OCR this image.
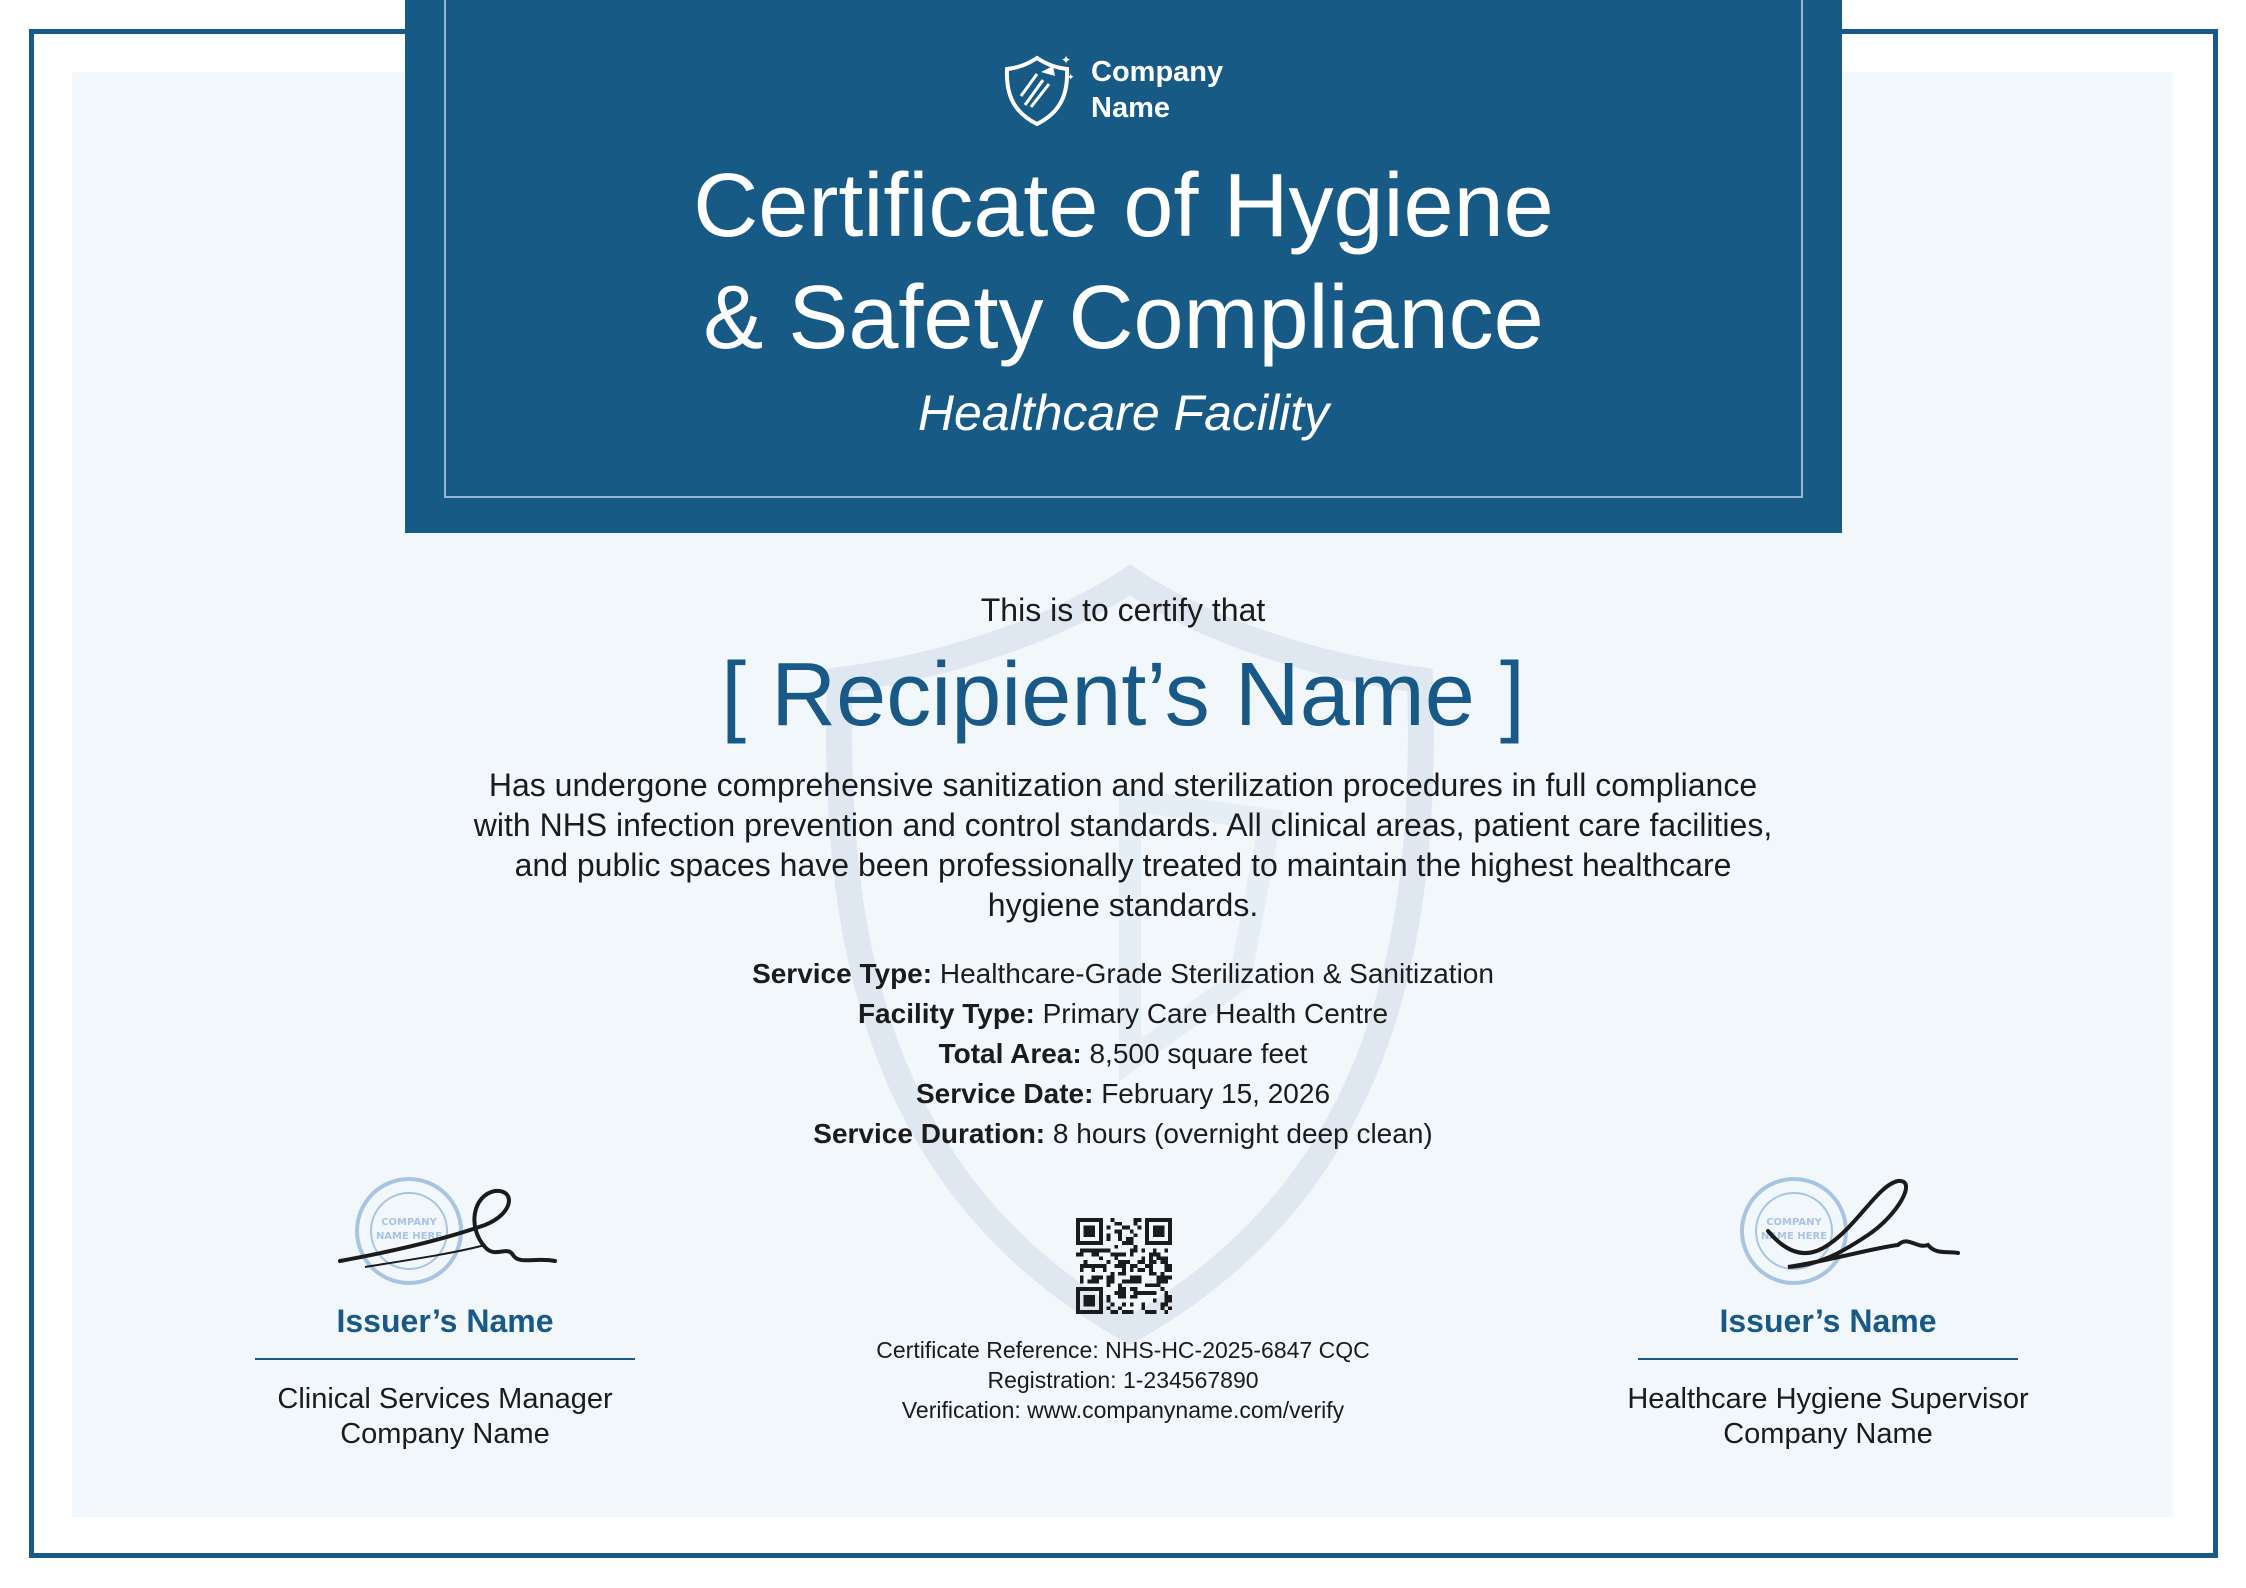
✦
✦ Company Name
Certificate of Hygiene
& Safety Compliance
Healthcare Facility
This is to certify that
[ Recipient’s Name ]
Has undergone comprehensive sanitization and sterilization procedures in full compliance with NHS infection prevention and control standards. All clinical areas, patient care facilities, and public spaces have been professionally treated to maintain the highest healthcare hygiene standards.
Service Type: Healthcare-Grade Sterilization & Sanitization
Facility Type: Primary Care Health Centre
Total Area: 8,500 square feet
Service Date: February 15, 2026
Service Duration: 8 hours (overnight deep clean)
COMPANY
NAME HERE
Issuer’s Name
Clinical Services Manager
Company Name
Certificate Reference: NHS-HC-2025-6847 CQC
Registration: 1-234567890
Verification: www.companyname.com/verify
COMPANY
NAME HERE
Issuer’s Name
Healthcare Hygiene Supervisor
Company Name
